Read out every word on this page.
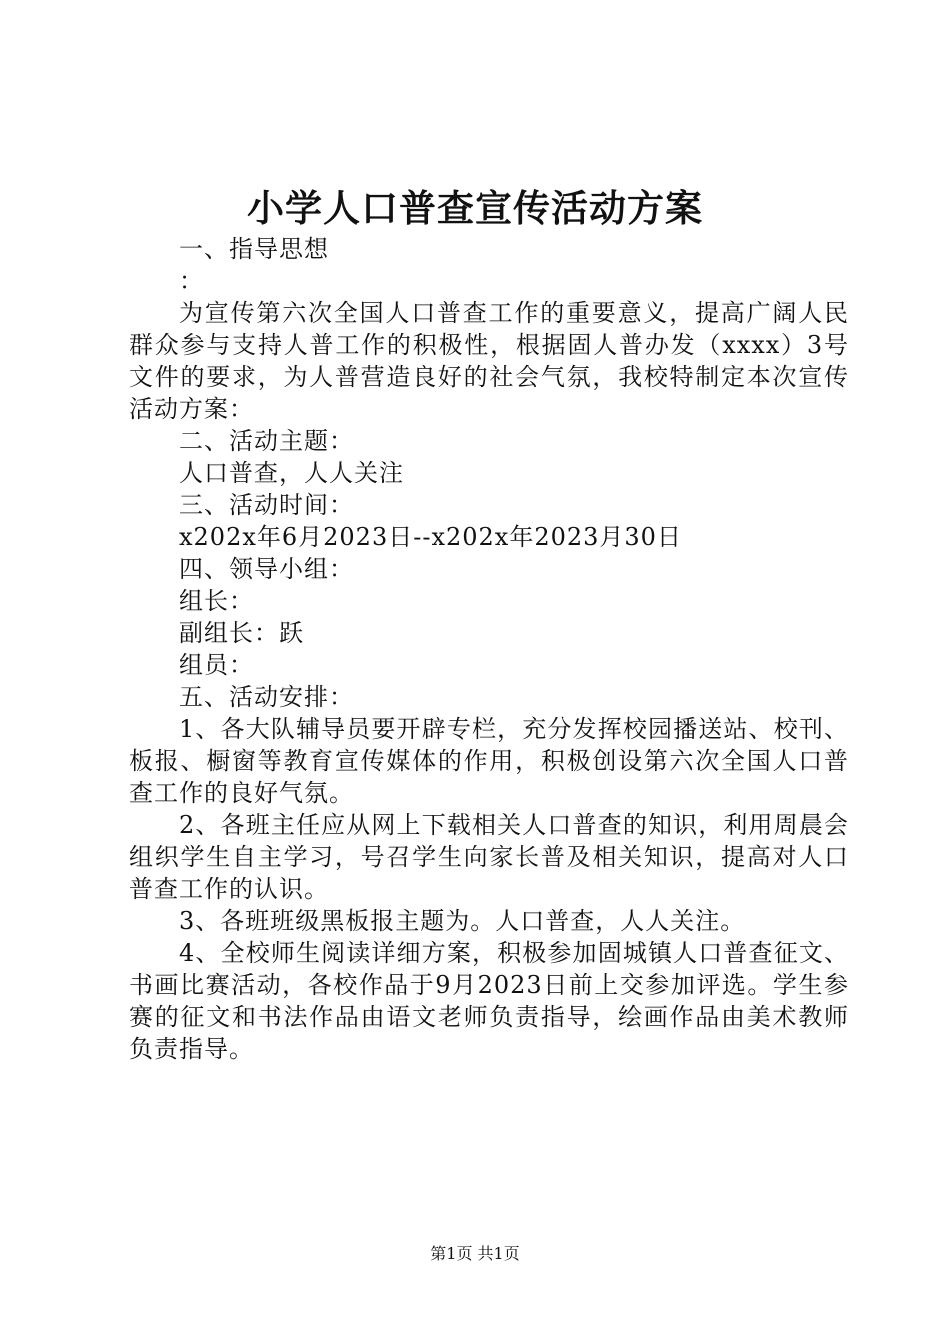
小学人口普查宣传活动方案
一、指导思想
：
为宣传第六次全国人口普查工作的重要意义，提高广阔人民群众参与支持人普工作的积极性，根据固人普办发（xxxx）3号文件的要求，为人普营造良好的社会气氛，我校特制定本次宣传活动方案：
二、活动主题：
人口普查，人人关注
三、活动时间：
x202x年6月2023日--x202x年2023月30日
四、领导小组：
组长：
副组长：跃
组员：
五、活动安排：
1、各大队辅导员要开辟专栏，充分发挥校园播送站、校刊、板报、橱窗等教育宣传媒体的作用，积极创设第六次全国人口普查工作的良好气氛。
2、各班主任应从网上下载相关人口普查的知识，利用周晨会组织学生自主学习，号召学生向家长普及相关知识，提高对人口普查工作的认识。
3、各班班级黑板报主题为。人口普查，人人关注。
4、全校师生阅读详细方案，积极参加固城镇人口普查征文、书画比赛活动，各校作品于9月2023日前上交参加评选。学生参赛的征文和书法作品由语文老师负责指导，绘画作品由美术教师负责指导。
第1页 共1页
